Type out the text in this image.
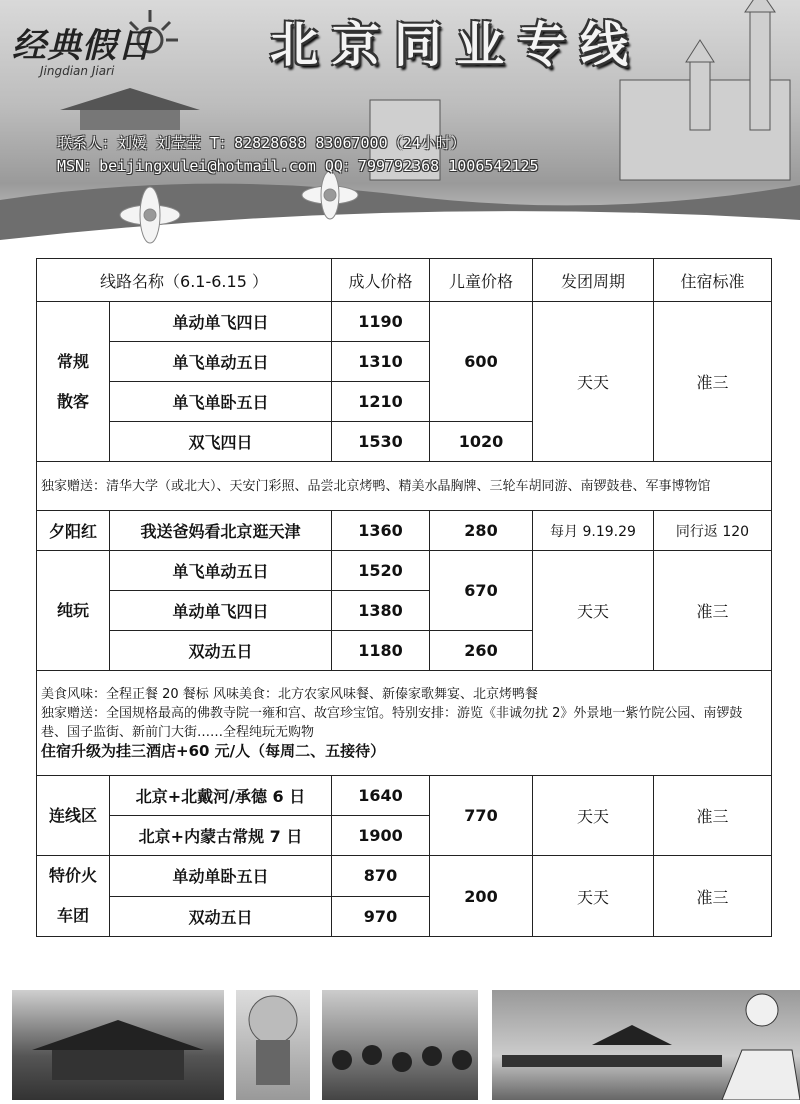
经典假日
Jingdian Jiari	北京同业专线
联系人：刘媛 刘莹莹 T：82828688 83067000（24小时）
MSN：beijingxulei@hotmail.com QQ：799792368 1006542125
线路名称（6.1-6.15 ）		成人价格	儿童价格	发团周期	住宿标准
常规散客	单动单飞四日	1190	600	天天	准三
	单飞单动五日	1310			
	单飞单卧五日	1210			
	双飞四日	1530	1020		
独家赠送：清华大学（或北大）、天安门彩照、品尝北京烤鸭、精美水晶胸牌、三轮车胡同游、南锣鼓巷、军事博物馆					
夕阳红	我送爸妈看北京逛天津	1360	280	每月 9.19.29	同行返 120
纯玩	单飞单动五日	1520	670	天天	准三
	单动单飞四日	1380			
	双动五日	1180	260		

美食风味：全程正餐 20 餐标 风味美食：北方农家风味餐、新傣家歌舞宴、北京烤鸭餐
独家赠送：全国规格最高的佛教寺院一雍和宫、故宫珍宝馆。特别安排：游览《非诚勿扰 2》外景地一紫竹院公园、南锣鼓巷、国子监街、新前门大街……全程纯玩无购物
住宿升级为挂三酒店+60 元/人（每周二、五接待）					

连线区	北京+北戴河/承德 6 日	1640	770	天天	准三
	北京+内蒙古常规 7 日	1900			
特价火车团	单动单卧五日	870	200	天天	准三
	双动五日	970			
